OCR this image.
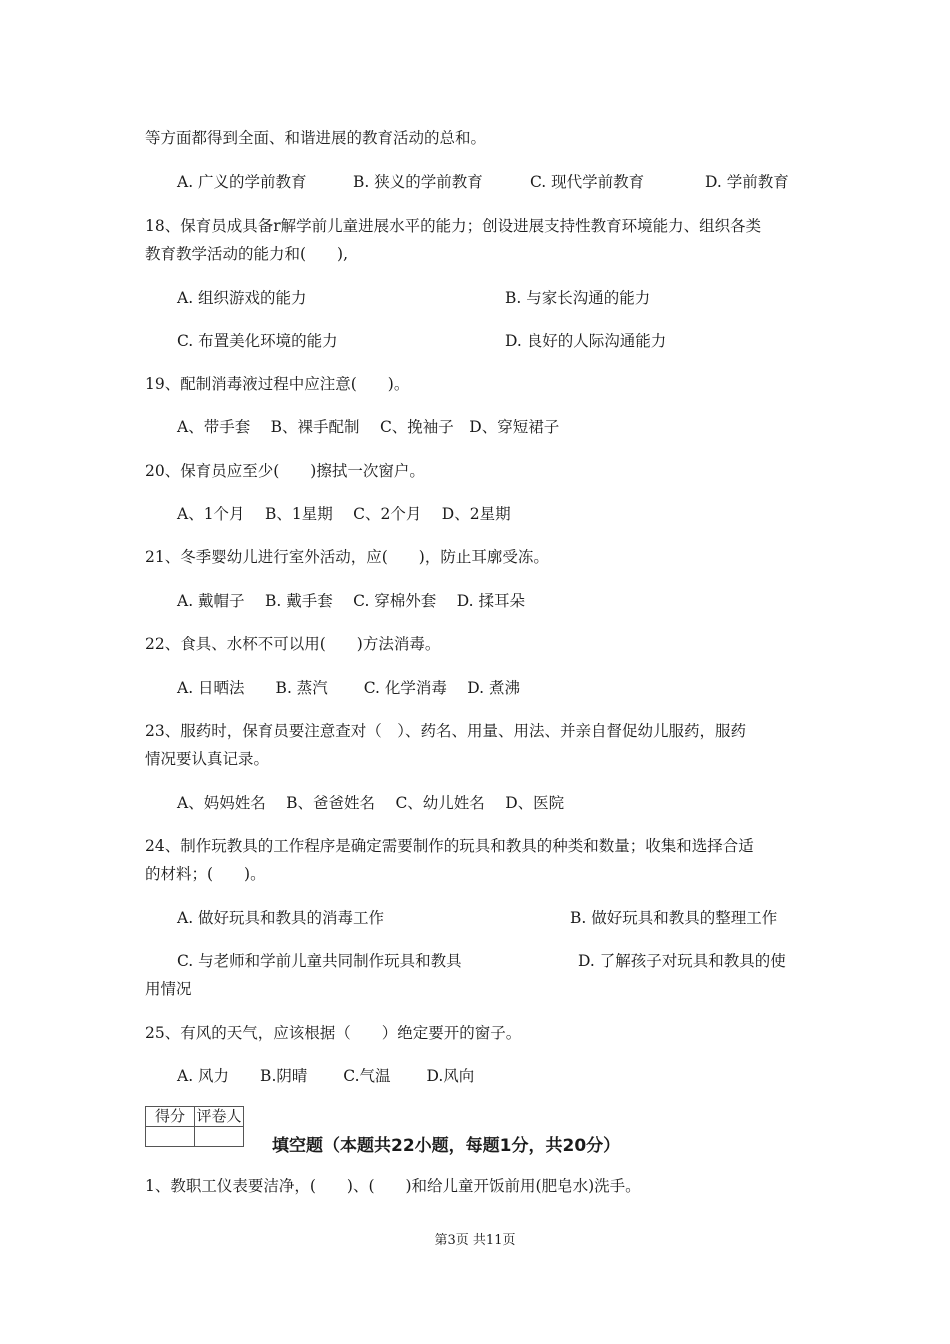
等方面都得到全面、和谐进展的教育活动的总和。
A. 广义的学前教育	B. 狭义的学前教育	C. 现代学前教育	D. 学前教育
18、保育员成具备r解学前儿童进展水平的能力；创设进展支持性教育环境能力、组织各类
教育教学活动的能力和(　　),
A. 组织游戏的能力	B. 与家长沟通的能力
C. 布置美化环境的能力	D. 良好的人际沟通能力
19、配制消毒液过程中应注意(　　)。
A、带手套　 B、裸手配制　 C、挽袖子　D、穿短裙子
20、保育员应至少(　　)擦拭一次窗户。
A、1个月　 B、1星期　 C、2个月　 D、2星期
21、冬季婴幼儿进行室外活动，应(　　)，防止耳廓受冻。
A. 戴帽子　 B. 戴手套　 C. 穿棉外套　 D. 揉耳朵
22、食具、水杯不可以用(　　)方法消毒。
A. 日晒法　　B. 蒸汽　　 C. 化学消毒　 D. 煮沸
23、服药时，保育员要注意查对（　）、药名、用量、用法、并亲自督促幼儿服药，服药
情况要认真记录。
A、妈妈姓名　 B、爸爸姓名　 C、幼儿姓名　 D、医院
24、制作玩教具的工作程序是确定需要制作的玩具和教具的种类和数量；收集和选择合适
的材料；(　　)。
A. 做好玩具和教具的消毒工作	B. 做好玩具和教具的整理工作
C. 与老师和学前儿童共同制作玩具和教具	D. 了解孩子对玩具和教具的使
用情况
25、有风的天气，应该根据（　　）绝定要开的窗子。
A. 风力　　B.阴晴　　 C.气温　　 D.风向
1、教职工仪表要洁净，(　　)、(　　)和给儿童开饭前用(肥皂水)洗手。
得分	评卷人

填空题（本题共22小题，每题1分，共20分）
第3页 共11页
